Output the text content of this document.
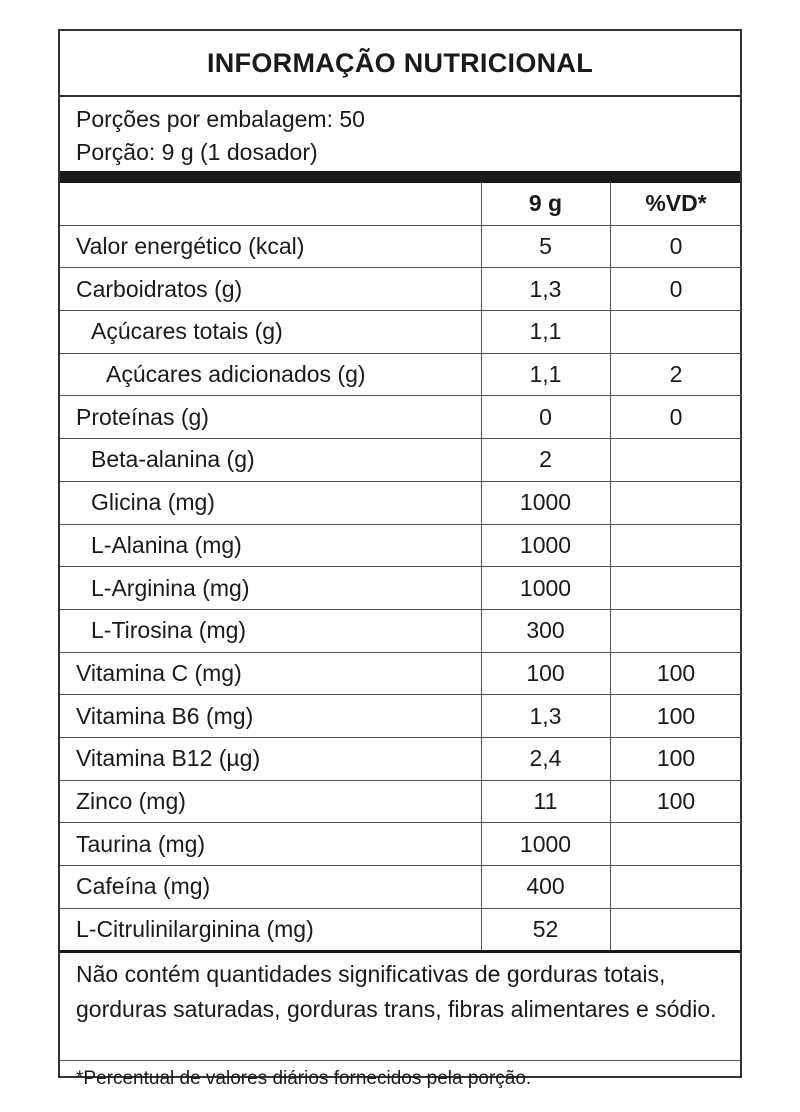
INFORMAÇÃO NUTRICIONAL
Porções por embalagem: 50
Porção: 9 g (1 dosador)
	9 g	%VD*
Valor energético (kcal)	5	0
Carboidratos (g)	1,3	0
Açúcares totais (g)	1,1	
Açúcares adicionados (g)	1,1	2
Proteínas (g)	0	0
Beta-alanina (g)	2	
Glicina (mg)	1000	
L-Alanina (mg)	1000	
L-Arginina (mg)	1000	
L-Tirosina (mg)	300	
Vitamina C (mg)	100	100
Vitamina B6 (mg)	1,3	100
Vitamina B12 (µg)	2,4	100
Zinco (mg)	11	100
Taurina (mg)	1000	
Cafeína (mg)	400	
L-Citrulinilarginina (mg)	52	
Não contém quantidades significativas de gorduras totais, gorduras saturadas, gorduras trans, fibras alimentares e sódio.
*Percentual de valores diários fornecidos pela porção.
